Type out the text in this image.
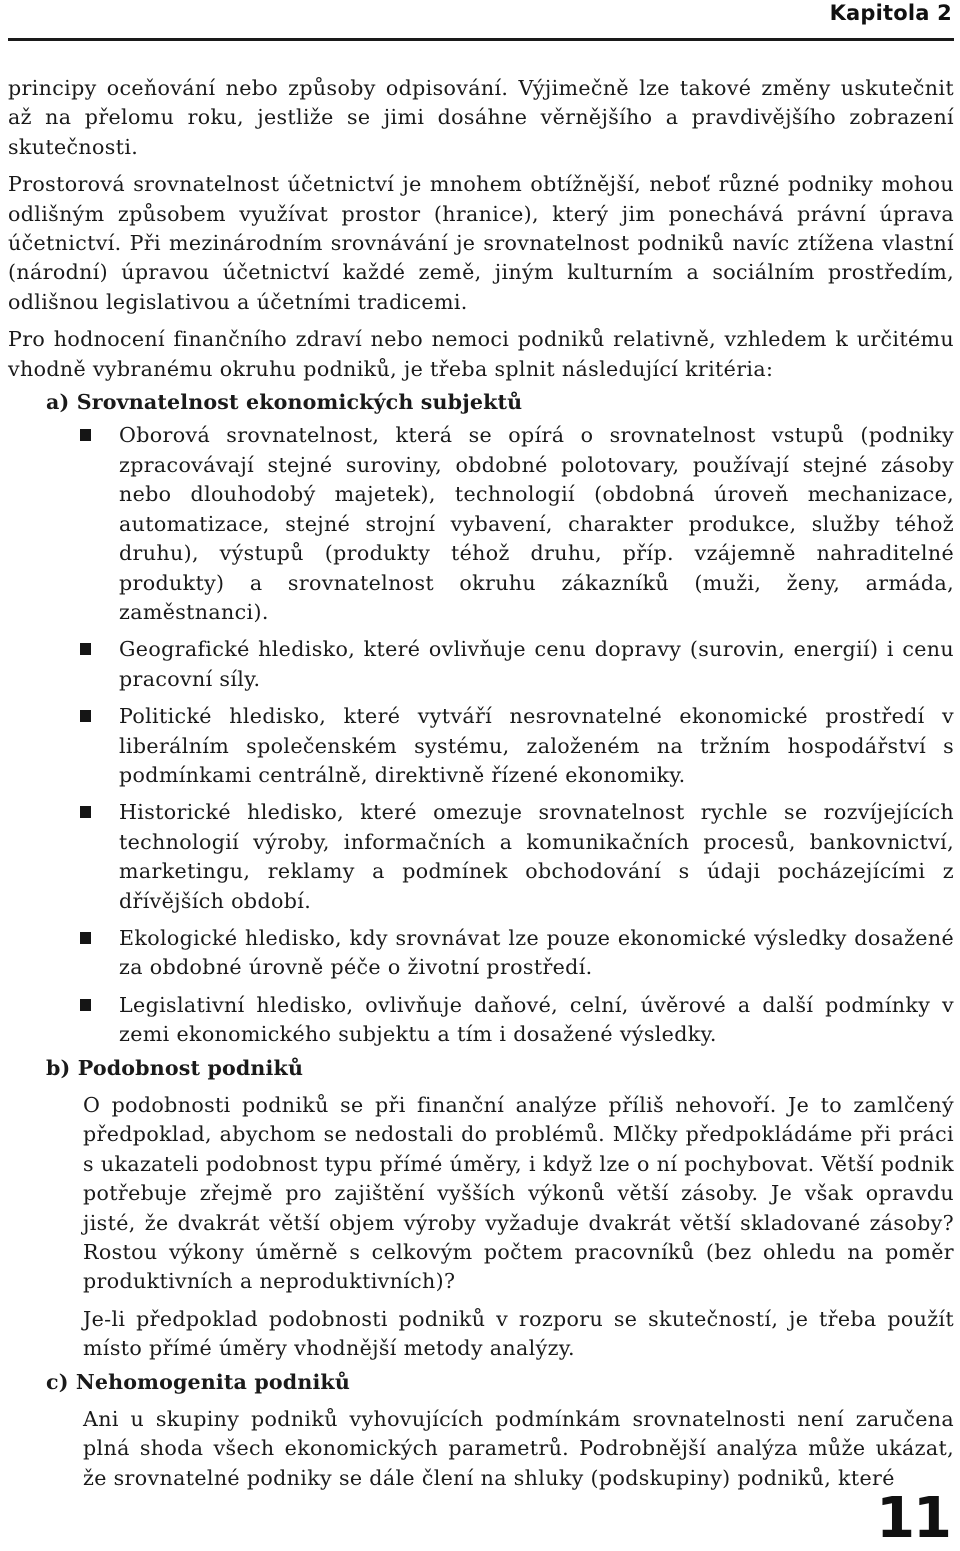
Kapitola 2

principy oceňování nebo způsoby odpisování. Výjimečně lze takové změny uskutečnit až na přelomu roku, jestliže se jimi dosáhne věrnějšího a pravdivějšího zobrazení skutečnosti.

Prostorová srovnatelnost účetnictví je mnohem obtížnější, neboť různé podniky mohou odlišným způsobem využívat prostor (hranice), který jim ponechává právní úprava účetnictví. Při mezinárodním srovnávání je srovnatelnost podniků navíc ztížena vlastní (národní) úpravou účetnictví každé země, jiným kulturním a sociálním prostředím, odlišnou legislativou a účetními tradicemi.

Pro hodnocení finančního zdraví nebo nemoci podniků relativně, vzhledem k určitému vhodně vybranému okruhu podniků, je třeba splnit následující kritéria:

a) Srovnatelnost ekonomických subjektů

Oborová srovnatelnost, která se opírá o srovnatelnost vstupů (podniky zpracovávají stejné suroviny, obdobné polotovary, používají stejné zásoby nebo dlouhodobý majetek), technologií (obdobná úroveň mechanizace, automatizace, stejné strojní vybavení, charakter produkce, služby téhož druhu), výstupů (produkty téhož druhu, příp. vzájemně nahraditelné produkty) a srovnatelnost okruhu zákazníků (muži, ženy, armáda, zaměstnanci).
Geografické hledisko, které ovlivňuje cenu dopravy (surovin, energií) i cenu pracovní síly.
Politické hledisko, které vytváří nesrovnatelné ekonomické prostředí v liberálním společenském systému, založeném na tržním hospodářství s podmínkami centrálně, direktivně řízené ekonomiky.
Historické hledisko, které omezuje srovnatelnost rychle se rozvíjejících technologií výroby, informačních a komunikačních procesů, bankovnictví, marketingu, reklamy a podmínek obchodování s údaji pocházejícími z dřívějších období.
Ekologické hledisko, kdy srovnávat lze pouze ekonomické výsledky dosažené za obdobné úrovně péče o životní prostředí.
Legislativní hledisko, ovlivňuje daňové, celní, úvěrové a další podmínky v zemi ekonomického subjektu a tím i dosažené výsledky.

b) Podobnost podniků

O podobnosti podniků se při finanční analýze příliš nehovoří. Je to zamlčený předpoklad, abychom se nedostali do problémů. Mlčky předpokládáme při práci s ukazateli podobnost typu přímé úměry, i když lze o ní pochybovat. Větší podnik potřebuje zřejmě pro zajištění vyšších výkonů větší zásoby. Je však opravdu jisté, že dvakrát větší objem výroby vyžaduje dvakrát větší skladované zásoby? Rostou výkony úměrně s celkovým počtem pracovníků (bez ohledu na poměr produktivních a neproduktivních)?

Je-li předpoklad podobnosti podniků v rozporu se skutečností, je třeba použít místo přímé úměry vhodnější metody analýzy.

c) Nehomogenita podniků

Ani u skupiny podniků vyhovujících podmínkám srovnatelnosti není zaručena plná shoda všech ekonomických parametrů. Podrobnější analýza může ukázat, že srovnatelné podniky se dále člení na shluky (podskupiny) podniků, které

11
